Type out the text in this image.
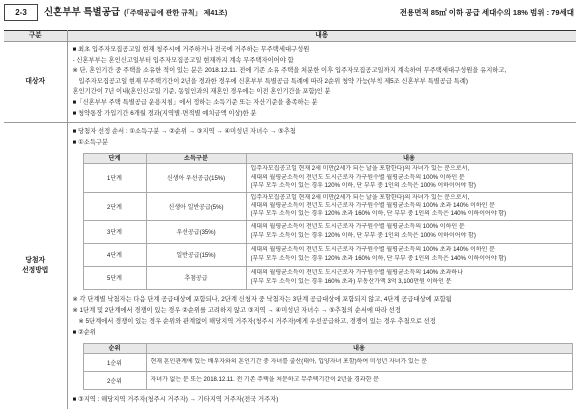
2-3	신혼부부 특별공급 (「주택공급에 관한 규칙」 제41조)	전용면적 85㎡ 이하 공급 세대수의 18% 범위 : 79세대
구분	내용
대상자	
■ 최초 입주자모집공고일 현재 청주시에 거주하거나 전국에 거주하는 무주택세대구성원
- 신혼부부는 혼인신고일부터 입주자모집공고일 현재까지 계속 무주택자이어야 함
※ 단, 혼인기간 중 주택을 소유한 적이 있는 분은 2018.12.11. 전에 기존 소유 주택을 처분한 이후 입주자모집공고일까지 계속하여 무주택세대구성원을 유지하고,
입주자모집공고일 현재 무주택기간이 2년을 경과한 경우에 신혼부부 특별공급 특례에 따라 2순위 청약 가능(부칙 제5조 신혼부부 특별공급 특례)
혼인기간이 7년 이내(혼인신고일 기준, 동일인과의 재혼인 경우에는 이전 혼인기간을 포함)인 분
■「신혼부부 주택 특별공급 운용지침」에서 정하는 소득기준 또는 자산기준을 충족하는 분
■ 청약통장 가입기간 6개월 경과(지역별·면적별 예치금액 이상)한 분

당첨자
선정방법

■ 당첨자 선정 순서 : ①소득구분 → ②순위 → ③지역 → ④미성년 자녀수 → ⑤추첨
■ ①소득구분
단계	소득구분	내용
1단계	신생아 우선공급(15%)	
입주자모집공고일 현재 2세 미만(2세가 되는 날을 포함한다)의 자녀가 있는 분으로서,
세대의 월평균소득이 전년도 도시근로자 가구원수별 월평균소득의 100% 이하인 분
(부부 모두 소득이 있는 경우 120% 이하, 단 부부 중 1인의 소득은 100% 이하이어야 함)

2단계	신생아 일반공급(5%)	
입주자모집공고일 현재 2세 미만(2세가 되는 날을 포함한다)의 자녀가 있는 분으로서,
세대의 월평균소득이 전년도 도시근로자 가구원수별 월평균소득의 100% 초과 140% 이하인 분
(부부 모두 소득이 있는 경우 120% 초과 160% 이하, 단 부부 중 1인의 소득은 140% 이하이어야 함)

3단계	우선공급(35%)	
세대의 월평균소득이 전년도 도시근로자 가구원수별 월평균소득의 100% 이하인 분
(부부 모두 소득이 있는 경우 120% 이하, 단 부부 중 1인의 소득은 100% 이하이어야 함)

4단계	일반공급(15%)	
세대의 월평균소득이 전년도 도시근로자 가구원수별 월평균소득의 100% 초과 140% 이하인 분
(부부 모두 소득이 있는 경우 120% 초과 160% 이하, 단 부부 중 1인의 소득은 140% 이하이어야 함)

5단계	추첨공급	
세대의 월평균소득이 전년도 도시근로자 가구원수별 월평균소득의 140% 초과하나
(부부 모두 소득이 있는 경우 160% 초과) 부동산가액 3억 3,100만원 이하인 분
※ 각 단계별 낙첨자는 다음 단계 공급대상에 포함되나, 2단계 신청자 중 낙첨자는 3단계 공급대상에 포함되지 않고, 4단계 공급대상에 포함됨
※ 1단계 및 2단계에서 경쟁이 있는 경우 ②순위를 고려하지 않고 ③지역 → ④미성년 자녀수 → ⑤추첨의 순서에 따라 선정
※ 5단계에서 경쟁이 있는 경우 순위와 관계없이 해당지역 거주자(청주시 거주자)에게 우선공급하고, 경쟁이 있는 경우 추첨으로 선정
■ ②순위
순위	내용
1순위	현재 혼인관계에 있는 배우자와의 혼인기간 중 자녀를 출산(태아, 입양자녀 포함)하여 미성년 자녀가 있는 분

2순위	자녀가 없는 분 또는 2018.12.11. 전 기존 주택을 처분하고 무주택기간이 2년을 경과한 분
■ ③지역 : 해당지역 거주자(청주시 거주자) → 기타지역 거주자(전국 거주자)
